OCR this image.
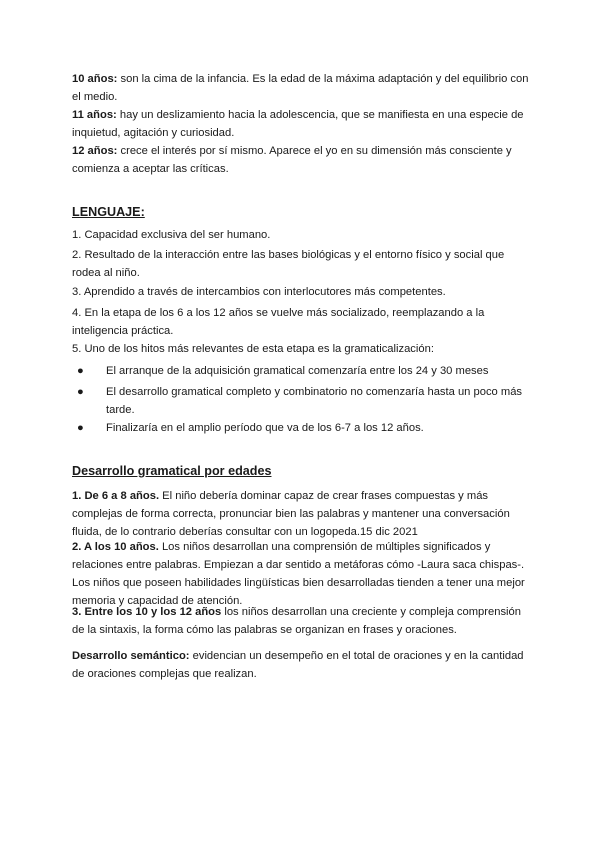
10 años: son la cima de la infancia. Es la edad de la máxima adaptación y del equilibrio con el medio.

11 años: hay un deslizamiento hacia la adolescencia, que se manifiesta en una especie de inquietud, agitación y curiosidad.

12 años: crece el interés por sí mismo. Aparece el yo en su dimensión más consciente y comienza a aceptar las críticas.

LENGUAJE:

1. Capacidad exclusiva del ser humano.

2. Resultado de la interacción entre las bases biológicas y el entorno físico y social que rodea al niño.

3. Aprendido a través de intercambios con interlocutores más competentes.

4. En la etapa de los 6 a los 12 años se vuelve más socializado, reemplazando a la inteligencia práctica.

5. Uno de los hitos más relevantes de esta etapa es la gramaticalización:

●	El arranque de la adquisición gramatical comenzaría entre los 24 y 30 meses

●	El desarrollo gramatical completo y combinatorio no comenzaría hasta un poco más tarde.

●	Finalizaría en el amplio período que va de los 6-7 a los 12 años.

Desarrollo gramatical por edades

1. De 6 a 8 años. El niño debería dominar capaz de crear frases compuestas y más complejas de forma correcta, pronunciar bien las palabras y mantener una conversación fluida, de lo contrario deberías consultar con un logopeda.15 dic 2021

2. A los 10 años. Los niños desarrollan una comprensión de múltiples significados y relaciones entre palabras. Empiezan a dar sentido a metáforas cómo -Laura saca chispas-. Los niños que poseen habilidades lingüísticas bien desarrolladas tienden a tener una mejor memoria y capacidad de atención.

3. Entre los 10 y los 12 años los niños desarrollan una creciente y compleja comprensión de la sintaxis, la forma cómo las palabras se organizan en frases y oraciones.

Desarrollo semántico: evidencian un desempeño en el total de oraciones y en la cantidad de oraciones complejas que realizan.
